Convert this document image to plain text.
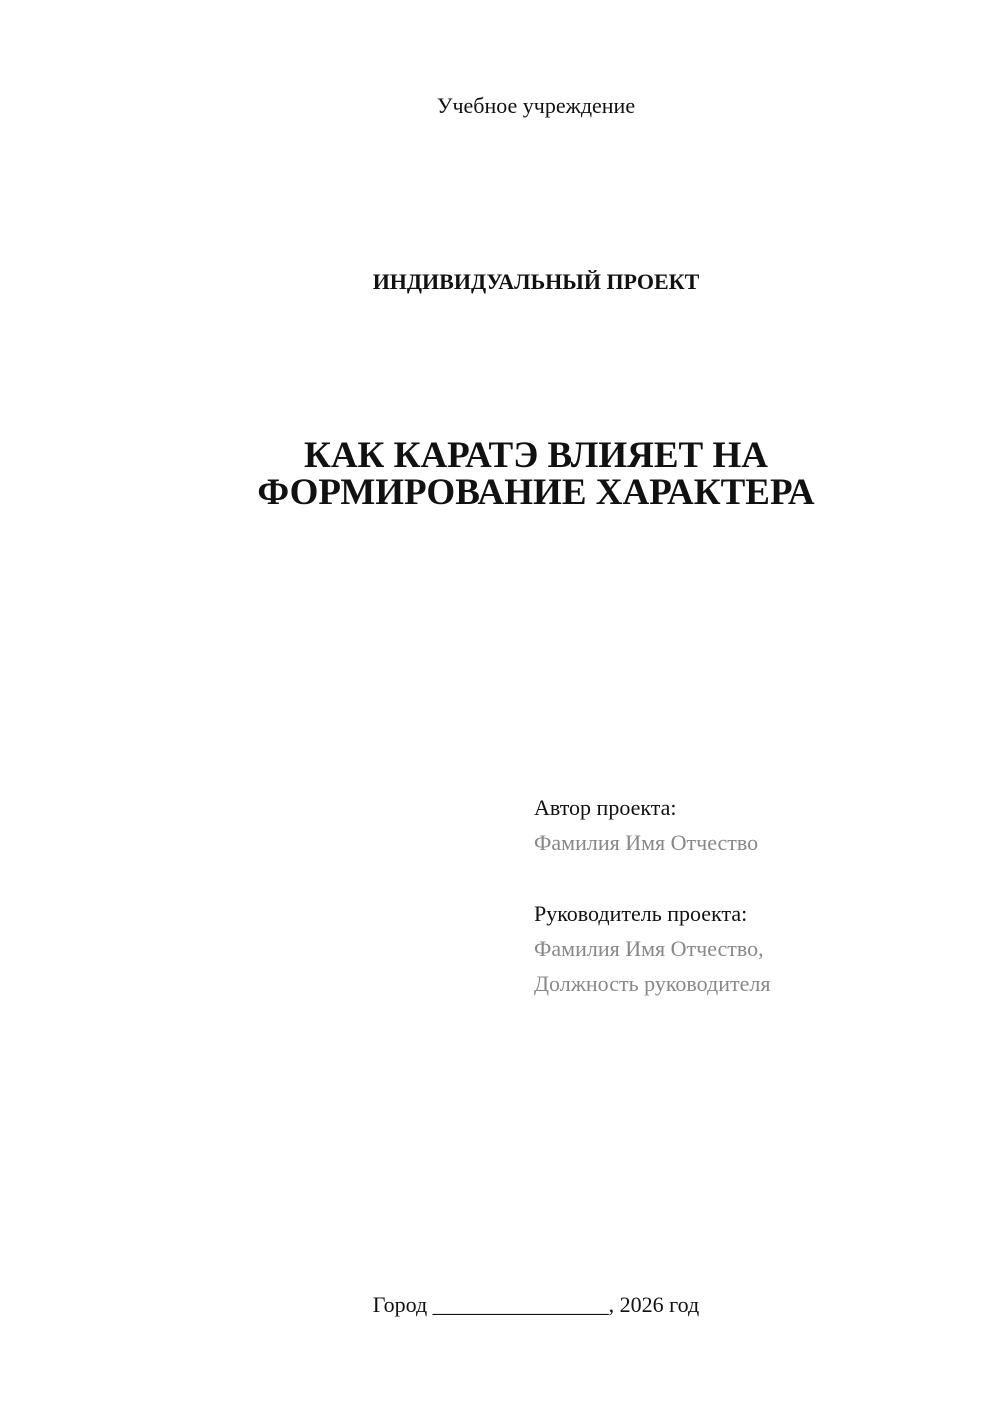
Учебное учреждение
ИНДИВИДУАЛЬНЫЙ ПРОЕКТ
КАК КАРАТЭ ВЛИЯЕТ НА
ФОРМИРОВАНИЕ ХАРАКТЕРА
Автор проекта:
Фамилия Имя Отчество
Руководитель проекта:
Фамилия Имя Отчество,
Должность руководителя
Город ________________, 2026 год
